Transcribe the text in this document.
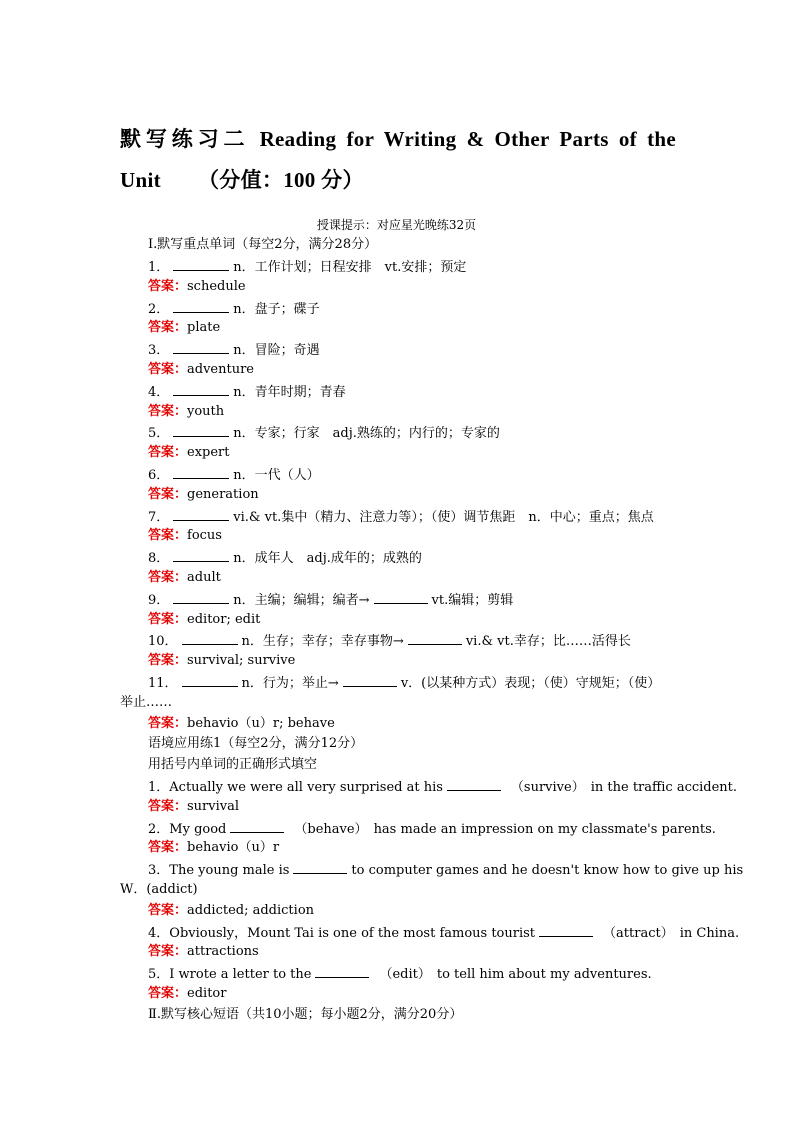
默写练习二 Reading for Writing & Other Parts of the
Unit （分值：100 分）
授课提示：对应星光晚练32页
Ⅰ.默写重点单词（每空2分，满分28分）
1．	n．工作计划；日程安排　vt.安排；预定
答案：schedule
2．	n．盘子；碟子
答案：plate
3．	n．冒险；奇遇
答案：adventure
4．	n．青年时期；青春
答案：youth
5．	n．专家；行家　adj.熟练的；内行的；专家的
答案：expert
6．	n．一代（人）
答案：generation
7．	vi.& vt.集中（精力、注意力等）；（使）调节焦距　n．中心；重点；焦点
答案：focus
8．	n．成年人　adj.成年的；成熟的
答案：adult
9．	n．主编；编辑；编者→	vt.编辑；剪辑
答案：editor; edit
10．	n．生存；幸存；幸存事物→	vi.& vt.幸存；比……活得长
答案：survival; survive
11．	n．行为；举止→	v．(以某种方式）表现；（使）守规矩；（使）
举止……
答案：behavio（u）r; behave
语境应用练1（每空2分，满分12分）
用括号内单词的正确形式填空
1．Actually we were all very surprised at his	（survive） in the traffic accident.
答案：survival
2．My good	（behave） has made an impression on my classmate's parents.
答案：behavio（u）r
3．The young male is	to computer games and he doesn't know how to give up his
W．(addict)
答案：addicted; addiction
4．Obviously，Mount Tai is one of the most famous tourist	（attract） in China.
答案：attractions
5．I wrote a letter to the	（edit） to tell him about my adventures.
答案：editor
Ⅱ.默写核心短语（共10小题；每小题2分，满分20分）
